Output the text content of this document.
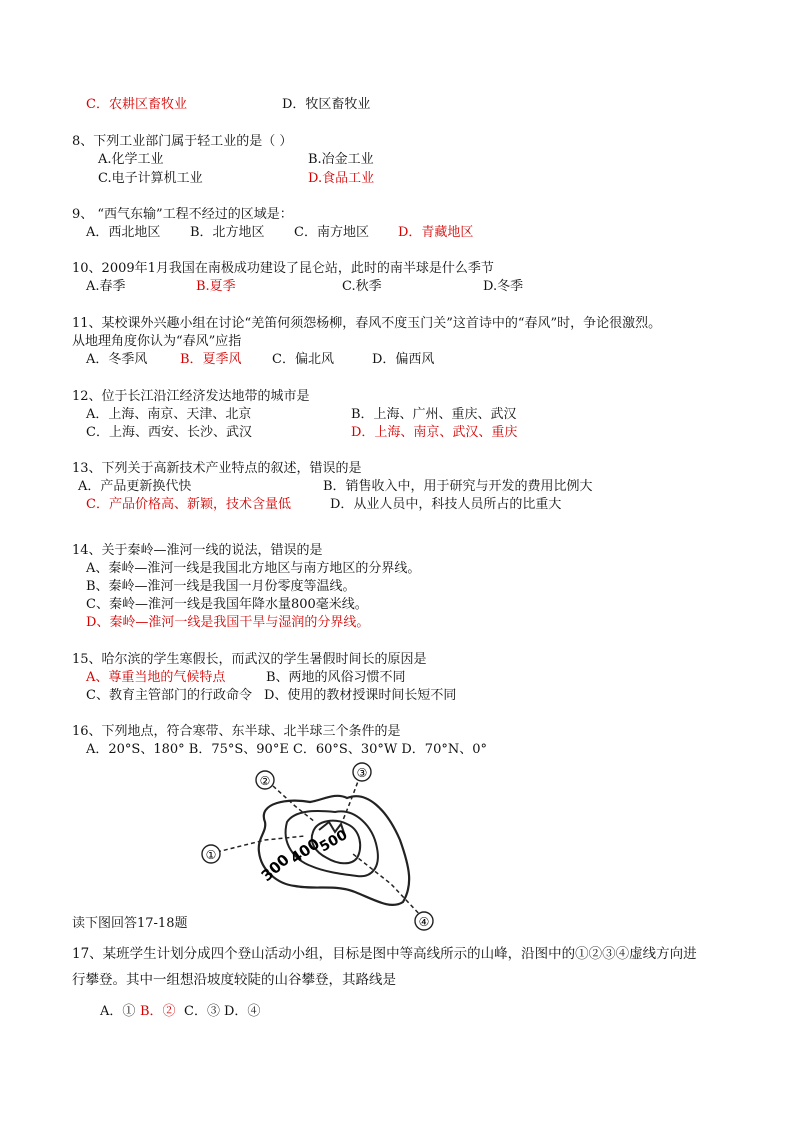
C．农耕区畜牧业	D．牧区畜牧业
8、下列工业部门属于轻工业的是（ ）
A.化学工业	B.冶金工业
C.电子计算机工业	D.食品工业
9、 “西气东输”工程不经过的区域是：
A．西北地区 B．北方地区 C．南方地区 D．青藏地区
10、2009年1月我国在南极成功建设了昆仑站，此时的南半球是什么季节
A.春季	B.夏季	C.秋季	D.冬季
11、某校课外兴趣小组在讨论“羌笛何须怨杨柳，春风不度玉门关”这首诗中的“春风”时，争论很激烈。
从地理角度你认为“春风”应指
A．冬季风	B．夏季风 C．偏北风	D．偏西风
12、位于长江沿江经济发达地带的城市是
A．上海、南京、天津、北京	B．上海、广州、重庆、武汉
C．上海、西安、长沙、武汉	D．上海、南京、武汉、重庆
13、下列关于高新技术产业特点的叙述，错误的是
A．产品更新换代快	B．销售收入中，用于研究与开发的费用比例大
C．产品价格高、新颖，技术含量低	D．从业人员中，科技人员所占的比重大
14、关于秦岭—淮河一线的说法，错误的是
A、秦岭—淮河一线是我国北方地区与南方地区的分界线。
B、秦岭—淮河一线是我国一月份零度等温线。
C、秦岭—淮河一线是我国年降水量800毫米线。
D、秦岭—淮河一线是我国干旱与湿润的分界线。
15、哈尔滨的学生寒假长，而武汉的学生暑假时间长的原因是
A、尊重当地的气候特点	B、两地的风俗习惯不同
C、教育主管部门的行政命令 D、使用的教材授课时间长短不同
16、下列地点，符合寒带、东半球、北半球三个条件的是
A．20°S、180° B．75°S、90°E C．60°S、30°W D．70°N、0°
①
②
③
④
300
400
500
读下图回答17-18题
17、某班学生计划分成四个登山活动小组，目标是图中等高线所示的山峰，沿图中的①②③④虚线方向进
行攀登。其中一组想沿坡度较陡的山谷攀登，其路线是
A．① B．② C．③ D．④
